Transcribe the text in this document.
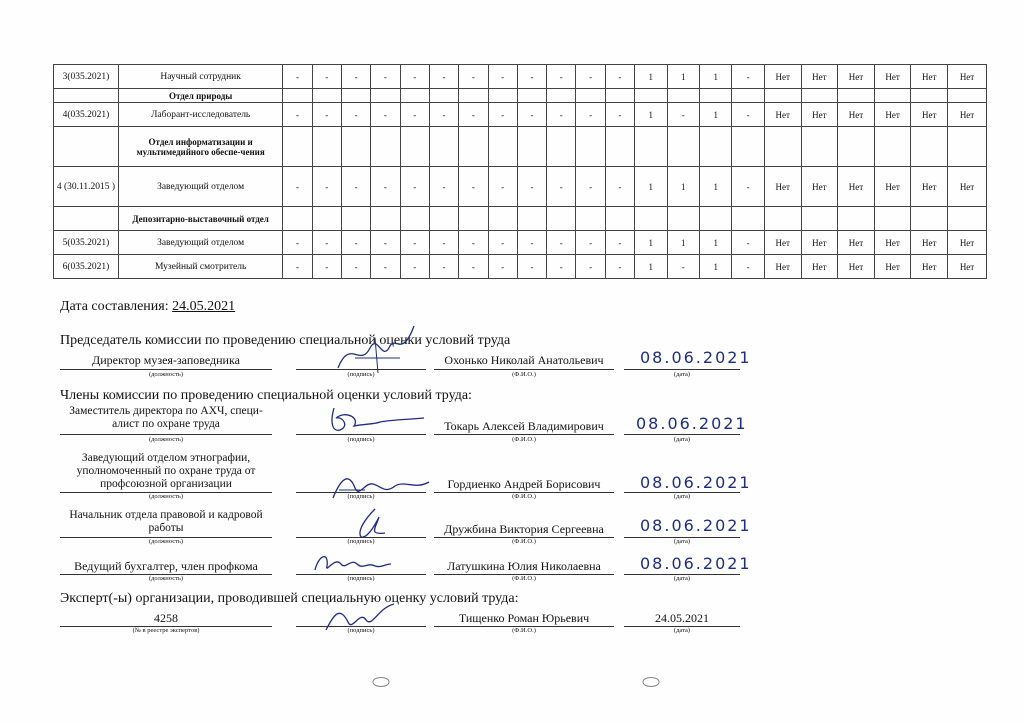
3(035.2021)	Научный сотрудник	-	-	-	-	-	-	-	-	-	-	-	-	1	1	1	-	Нет	Нет	Нет	Нет	Нет	Нет
	Отдел природы																						
4(035.2021)	Лаборант-исследователь	-	-	-	-	-	-	-	-	-	-	-	-	1	-	1	-	Нет	Нет	Нет	Нет	Нет	Нет
	Отдел информатизации и мультимедийного обеспе-чения																						
4 (30.11.2015 )	Заведующий отделом	-	-	-	-	-	-	-	-	-	-	-	-	1	1	1	-	Нет	Нет	Нет	Нет	Нет	Нет
	Депозитарно-выставочный отдел																						
5(035.2021)	Заведующий отделом	-	-	-	-	-	-	-	-	-	-	-	-	1	1	1	-	Нет	Нет	Нет	Нет	Нет	Нет
6(035.2021)	Музейный смотритель	-	-	-	-	-	-	-	-	-	-	-	-	1	-	1	-	Нет	Нет	Нет	Нет	Нет	Нет
Дата составления: 24.05.2021
Председатель комиссии по проведению специальной оценки условий труда
Директор музея-заповедника
(должность)	(подпись)
Охонько Николай Анатольевич
(Ф.И.О.)
08.06.2021
(дата)
Члены комиссии по проведению специальной оценки условий труда:
Заместитель директора по АХЧ, специ-алист по охране труда
(должность)	(подпись)
Токарь Алексей Владимирович
(Ф.И.О.)
08.06.2021
(дата)
Заведующий отделом этнографии, уполномоченный по охране труда от профсоюзной организации
(должность)	(подпись)
Гордиенко Андрей Борисович
(Ф.И.О.)
08.06.2021
(дата)
Начальник отдела правовой и кадровой работы
(должность)	(подпись)
Дружбина Виктория Сергеевна
(Ф.И.О.)
08.06.2021
(дата)
Ведущий бухгалтер, член профкома
(должность)	(подпись)
Латушкина Юлия Николаевна
(Ф.И.О.)
08.06.2021
(дата)
Эксперт(-ы) организации, проводившей специальную оценку условий труда:
4258
(№ в реестре экспертов)	(подпись)
Тищенко Роман Юрьевич
(Ф.И.О.)
24.05.2021
(дата)
